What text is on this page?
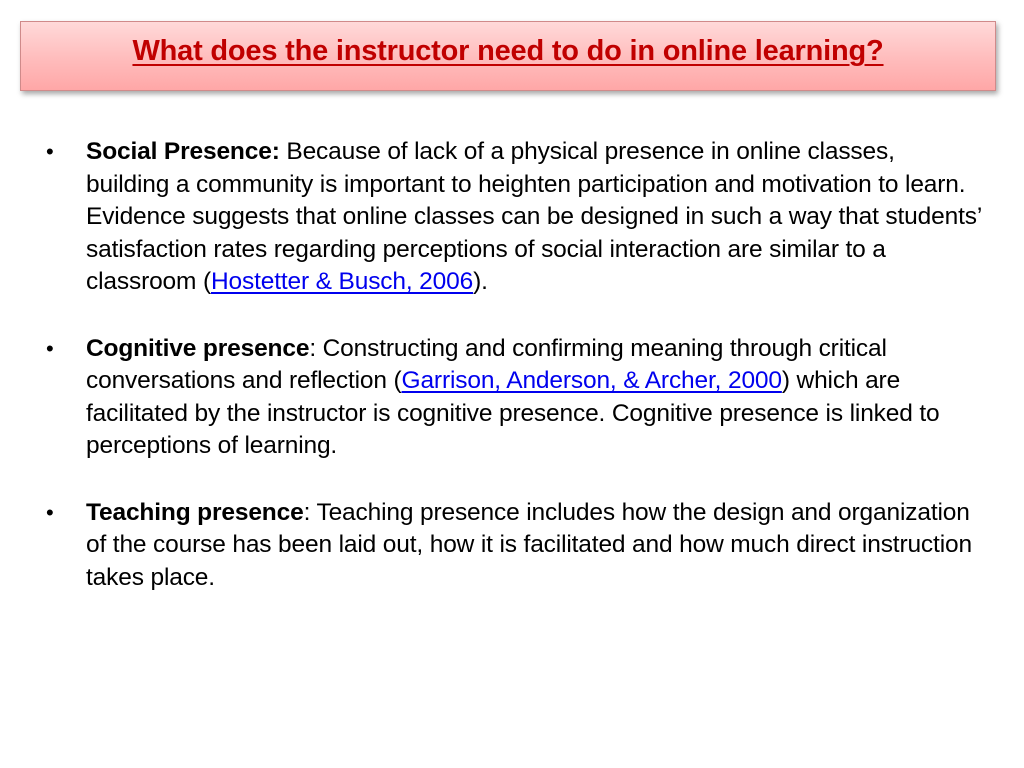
What does the instructor need to do in online learning?
• Social Presence: Because of lack of a physical presence in online classes, building a community is important to heighten participation and motivation to learn. Evidence suggests that online classes can be designed in such a way that students’ satisfaction rates regarding perceptions of social interaction are similar to a classroom (Hostetter & Busch, 2006).
• Cognitive presence: Constructing and confirming meaning through critical conversations and reflection (Garrison, Anderson, & Archer, 2000) which are facilitated by the instructor is cognitive presence. Cognitive presence is linked to perceptions of learning.
• Teaching presence: Teaching presence includes how the design and organization of the course has been laid out, how it is facilitated and how much direct instruction takes place.
